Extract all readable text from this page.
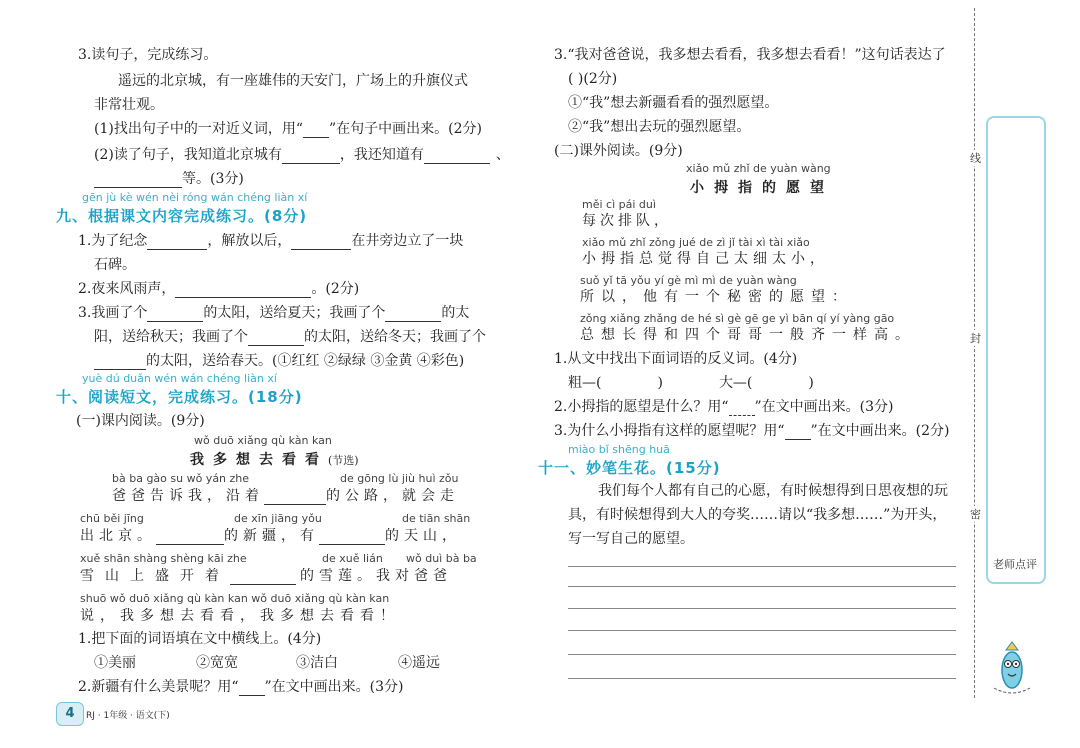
3.读句子，完成练习。
遥远的北京城，有一座雄伟的天安门，广场上的升旗仪式
非常壮观。
(1)找出句子中的一对近义词，用“ ”在句子中画出来。(2分)
(2)读了句子，我知道北京城有	，我还知道有	、
等。(3分)
gēn jù kè wén nèi róng wán chéng liàn xí
九、根据课文内容完成练习。(8分)
1.为了纪念	，解放以后，	在井旁边立了一块
石碑。
2.夜来风雨声，	。(2分)
3.我画了个	的太阳，送给夏天；我画了个	的太
阳，送给秋天；我画了个	的太阳，送给冬天；我画了个
的太阳，送给春天。(①红红 ②绿绿 ③金黄 ④彩色)
yuè dú duǎn wén wán chéng liàn xí
十、阅读短文，完成练习。(18分)
(一)课内阅读。(9分)
wǒ duō xiǎng qù kàn kan
我多想去看看(节选)
bà ba gào su wǒ yán zhe	de gōng lù jiù huì zǒu
爸爸告诉我，沿着	的公路，就会走
chū běi jīng	de xīn jiāng yǒu	de tiān shān
出北京。	的新疆，有	的天山，
xuě shān shàng shèng kāi zhe	de xuě lián wǒ duì bà ba
雪山上盛开着	的雪莲。我对爸爸
shuō wǒ duō xiǎng qù kàn kan wǒ duō xiǎng qù kàn kan
说，我多想去看看，我多想去看看！
1.把下面的词语填在文中横线上。(4分)
①美丽	②宽宽	③洁白	④遥远
2.新疆有什么美景呢？用“ ”在文中画出来。(3分)
4	RJ · 1年级 · 语文(下)
3.“我对爸爸说，我多想去看看，我多想去看看！”这句话表达了
( )(2分)
①“我”想去新疆看看的强烈愿望。
②“我”想出去玩的强烈愿望。
(二)课外阅读。(9分)
xiǎo mǔ zhǐ de yuàn wàng
小拇指的愿望
měi cì pái duì
每次排队，
xiǎo mǔ zhǐ zǒng jué de zì jǐ tài xì tài xiǎo
小拇指总觉得自己太细太小，
suǒ yǐ tā yǒu yí gè mì mì de yuàn wàng
所以，他有一个秘密的愿望：
zǒng xiǎng zhǎng de hé sì gè gē ge yì bān qí yí yàng gāo
总想长得和四个哥哥一般齐一样高。
1.从文中找出下面词语的反义词。(4分)
粗—(	)	大—(	)
2.小拇指的愿望是什么？用“ ”在文中画出来。(3分)
3.为什么小拇指有这样的愿望呢？用“ ”在文中画出来。(2分)
miào bǐ shēng huā
十一、妙笔生花。(15分)
我们每个人都有自己的心愿，有时候想得到日思夜想的玩
具，有时候想得到大人的夸奖……请以“我多想……”为开头，
写一写自己的愿望。
线
封
密
老师点评
